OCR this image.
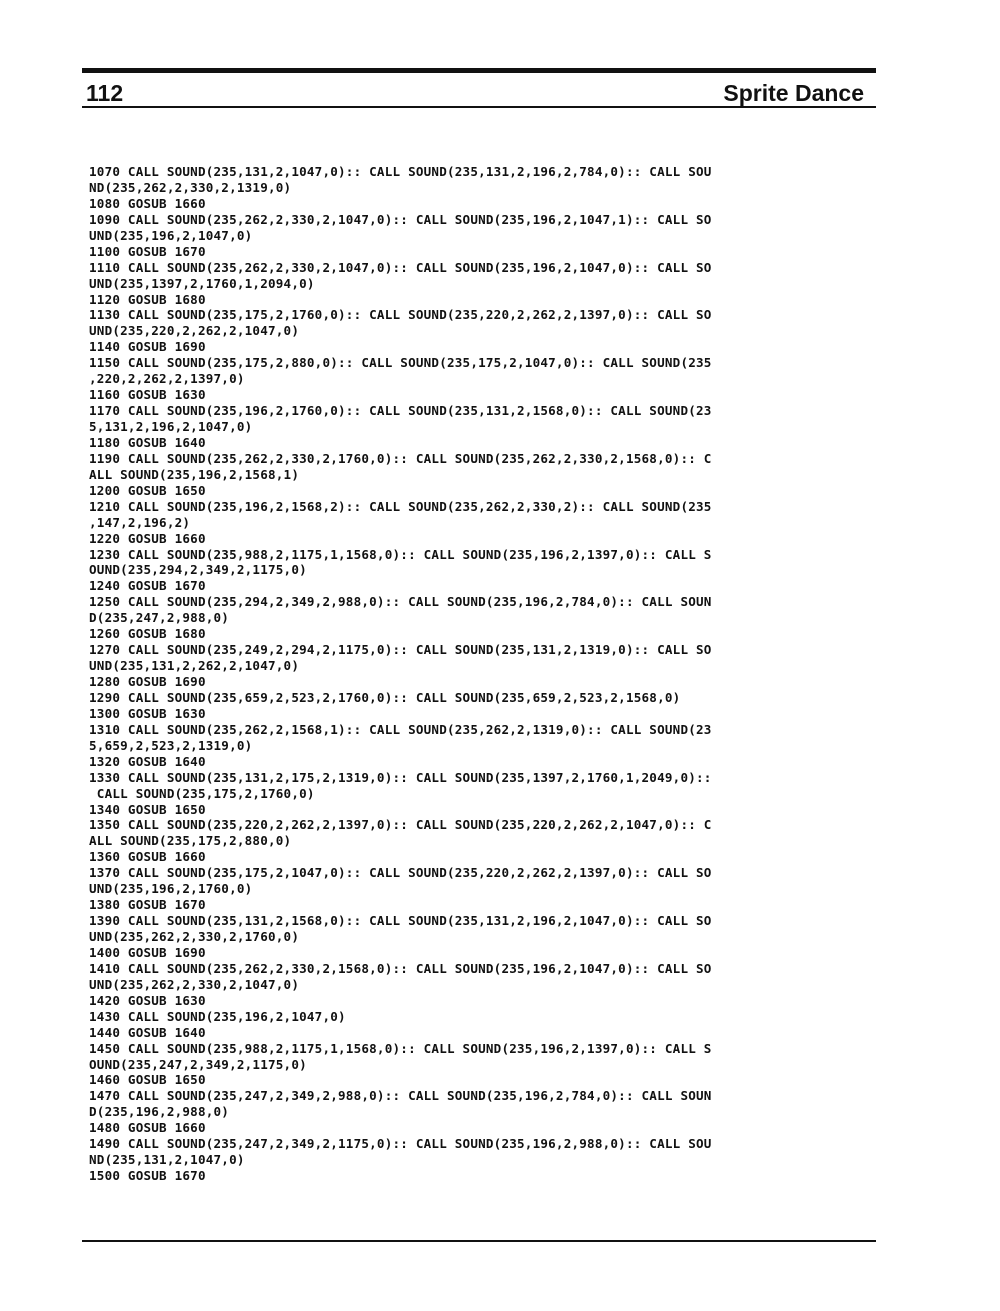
112	Sprite Dance
1070 CALL SOUND(235,131,2,1047,0):: CALL SOUND(235,131,2,196,2,784,0):: CALL SOU
ND(235,262,2,330,2,1319,0)
1080 GOSUB 1660
1090 CALL SOUND(235,262,2,330,2,1047,0):: CALL SOUND(235,196,2,1047,1):: CALL SO
UND(235,196,2,1047,0)
1100 GOSUB 1670
1110 CALL SOUND(235,262,2,330,2,1047,0):: CALL SOUND(235,196,2,1047,0):: CALL SO
UND(235,1397,2,1760,1,2094,0)
1120 GOSUB 1680
1130 CALL SOUND(235,175,2,1760,0):: CALL SOUND(235,220,2,262,2,1397,0):: CALL SO
UND(235,220,2,262,2,1047,0)
1140 GOSUB 1690
1150 CALL SOUND(235,175,2,880,0):: CALL SOUND(235,175,2,1047,0):: CALL SOUND(235
,220,2,262,2,1397,0)
1160 GOSUB 1630
1170 CALL SOUND(235,196,2,1760,0):: CALL SOUND(235,131,2,1568,0):: CALL SOUND(23
5,131,2,196,2,1047,0)
1180 GOSUB 1640
1190 CALL SOUND(235,262,2,330,2,1760,0):: CALL SOUND(235,262,2,330,2,1568,0):: C
ALL SOUND(235,196,2,1568,1)
1200 GOSUB 1650
1210 CALL SOUND(235,196,2,1568,2):: CALL SOUND(235,262,2,330,2):: CALL SOUND(235
,147,2,196,2)
1220 GOSUB 1660
1230 CALL SOUND(235,988,2,1175,1,1568,0):: CALL SOUND(235,196,2,1397,0):: CALL S
OUND(235,294,2,349,2,1175,0)
1240 GOSUB 1670
1250 CALL SOUND(235,294,2,349,2,988,0):: CALL SOUND(235,196,2,784,0):: CALL SOUN
D(235,247,2,988,0)
1260 GOSUB 1680
1270 CALL SOUND(235,249,2,294,2,1175,0):: CALL SOUND(235,131,2,1319,0):: CALL SO
UND(235,131,2,262,2,1047,0)
1280 GOSUB 1690
1290 CALL SOUND(235,659,2,523,2,1760,0):: CALL SOUND(235,659,2,523,2,1568,0)
1300 GOSUB 1630
1310 CALL SOUND(235,262,2,1568,1):: CALL SOUND(235,262,2,1319,0):: CALL SOUND(23
5,659,2,523,2,1319,0)
1320 GOSUB 1640
1330 CALL SOUND(235,131,2,175,2,1319,0):: CALL SOUND(235,1397,2,1760,1,2049,0)::
CALL SOUND(235,175,2,1760,0)
1340 GOSUB 1650
1350 CALL SOUND(235,220,2,262,2,1397,0):: CALL SOUND(235,220,2,262,2,1047,0):: C
ALL SOUND(235,175,2,880,0)
1360 GOSUB 1660
1370 CALL SOUND(235,175,2,1047,0):: CALL SOUND(235,220,2,262,2,1397,0):: CALL SO
UND(235,196,2,1760,0)
1380 GOSUB 1670
1390 CALL SOUND(235,131,2,1568,0):: CALL SOUND(235,131,2,196,2,1047,0):: CALL SO
UND(235,262,2,330,2,1760,0)
1400 GOSUB 1690
1410 CALL SOUND(235,262,2,330,2,1568,0):: CALL SOUND(235,196,2,1047,0):: CALL SO
UND(235,262,2,330,2,1047,0)
1420 GOSUB 1630
1430 CALL SOUND(235,196,2,1047,0)
1440 GOSUB 1640
1450 CALL SOUND(235,988,2,1175,1,1568,0):: CALL SOUND(235,196,2,1397,0):: CALL S
OUND(235,247,2,349,2,1175,0)
1460 GOSUB 1650
1470 CALL SOUND(235,247,2,349,2,988,0):: CALL SOUND(235,196,2,784,0):: CALL SOUN
D(235,196,2,988,0)
1480 GOSUB 1660
1490 CALL SOUND(235,247,2,349,2,1175,0):: CALL SOUND(235,196,2,988,0):: CALL SOU
ND(235,131,2,1047,0)
1500 GOSUB 1670
